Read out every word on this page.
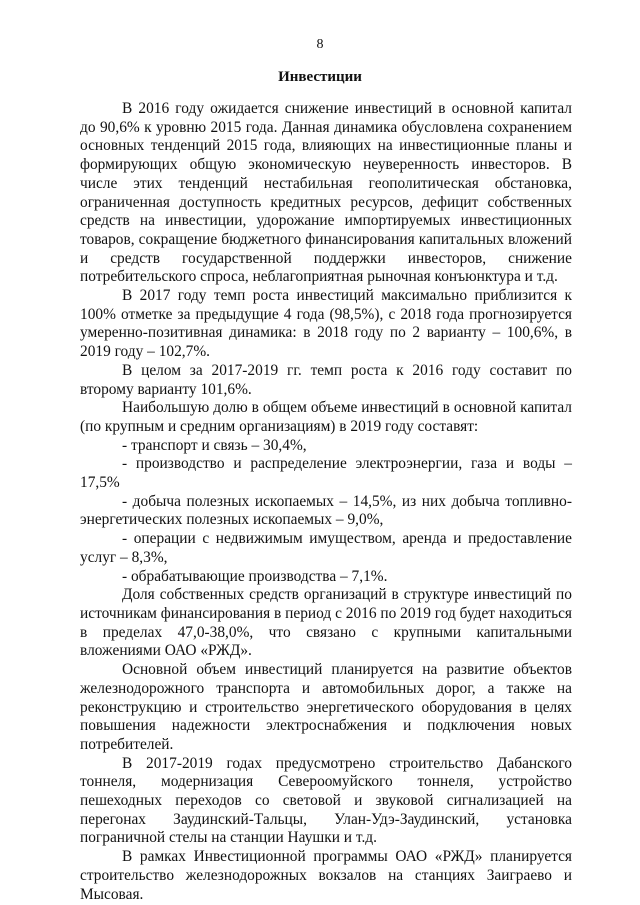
8
Инвестиции

В 2016 году ожидается снижение инвестиций в основной капитал до 90,6% к уровню 2015 года. Данная динамика обусловлена сохранением основных тенденций 2015 года, влияющих на инвестиционные планы и формирующих общую экономическую неуверенность инвесторов. В числе этих тенденций нестабильная геополитическая обстановка, ограниченная доступность кредитных ресурсов, дефицит собственных средств на инвестиции, удорожание импортируемых инвестиционных товаров, сокращение бюджетного финансирования капитальных вложений и средств государственной поддержки инвесторов, снижение потребительского спроса, неблагоприятная рыночная конъюнктура и т.д.

В 2017 году темп роста инвестиций максимально приблизится к 100% отметке за предыдущие 4 года (98,5%), с 2018 года прогнозируется умеренно-позитивная динамика: в 2018 году по 2 варианту – 100,6%, в 2019 году – 102,7%.

В целом за 2017-2019 гг. темп роста к 2016 году составит по второму варианту 101,6%.

Наибольшую долю в общем объеме инвестиций в основной капитал (по крупным и средним организациям) в 2019 году составят:

- транспорт и связь – 30,4%,

- производство и распределение электроэнергии, газа и воды – 17,5%

- добыча полезных ископаемых – 14,5%, из них добыча топливно-энергетических полезных ископаемых – 9,0%,

- операции с недвижимым имуществом, аренда и предоставление услуг – 8,3%,

- обрабатывающие производства – 7,1%.

Доля собственных средств организаций в структуре инвестиций по источникам финансирования в период с 2016 по 2019 год будет находиться в пределах 47,0-38,0%, что связано с крупными капитальными вложениями ОАО «РЖД».

Основной объем инвестиций планируется на развитие объектов железнодорожного транспорта и автомобильных дорог, а также на реконструкцию и строительство энергетического оборудования в целях повышения надежности электроснабжения и подключения новых потребителей.

В 2017-2019 годах предусмотрено строительство Дабанского тоннеля, модернизация Североомуйского тоннеля, устройство пешеходных переходов со световой и звуковой сигнализацией на перегонах Заудинский-Тальцы, Улан-Удэ-Заудинский, установка пограничной стелы на станции Наушки и т.д.

В рамках Инвестиционной программы ОАО «РЖД» планируется строительство железнодорожных вокзалов на станциях Заиграево и Мысовая.
